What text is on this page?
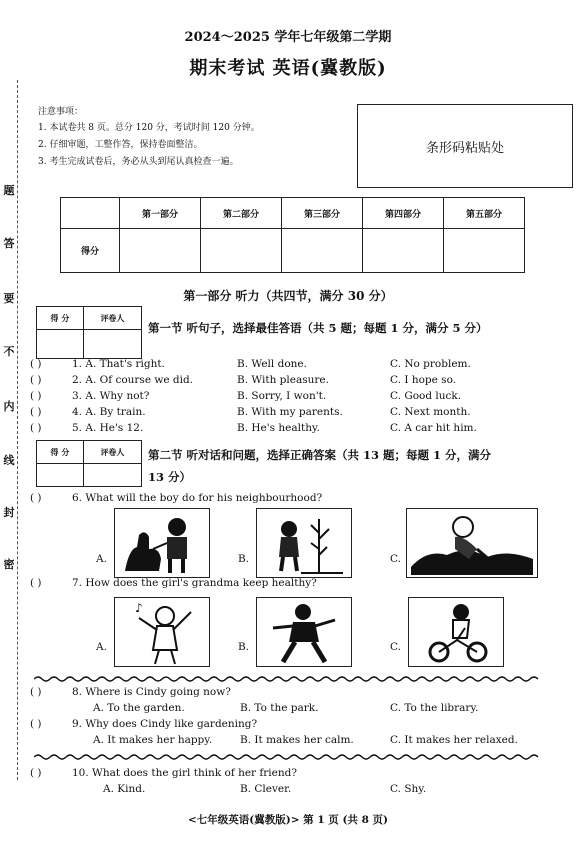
题
答
要
不
内
线
封
密
2024～2025 学年七年级第二学期
期末考试 英语(冀教版)
注意事项：
1. 本试卷共 8 页。总分 120 分，考试时间 120 分钟。
2. 仔细审题，工整作答，保持卷面整洁。
3. 考生完成试卷后，务必从头到尾认真检查一遍。
条形码粘贴处
	第一部分	第二部分	第三部分	第四部分	第五部分
得分					
第一部分 听力（共四节，满分 30 分）
得 分	评卷人

第一节 听句子，选择最佳答语（共 5 题；每题 1 分，满分 5 分）
( )	1. A. That's right.	B. Well done.	C. No problem.
( )	2. A. Of course we did.	B. With pleasure.	C. I hope so.
( )	3. A. Why not?	B. Sorry, I won't.	C. Good luck.
( )	4. A. By train.	B. With my parents.	C. Next month.
( )	5. A. He's 12.	B. He's healthy.	C. A car hit him.
得 分	评卷人
	第二节 听对话和问题，选择正确答案（共 13 题；每题 1 分，满分
13 分）
( )	6. What will the boy do for his neighbourhood?
A.	B.	C.
( )	7. How does the girl's grandma keep healthy?
A.
♪
B.	C.
( )	8. Where is Cindy going now?
A. To the garden.	B. To the park.	C. To the library.
( )	9. Why does Cindy like gardening?
A. It makes her happy.	B. It makes her calm.	C. It makes her relaxed.
( )	10. What does the girl think of her friend?
A. Kind.	B. Clever.	C. Shy.
<七年级英语(冀教版)> 第 1 页 (共 8 页)
